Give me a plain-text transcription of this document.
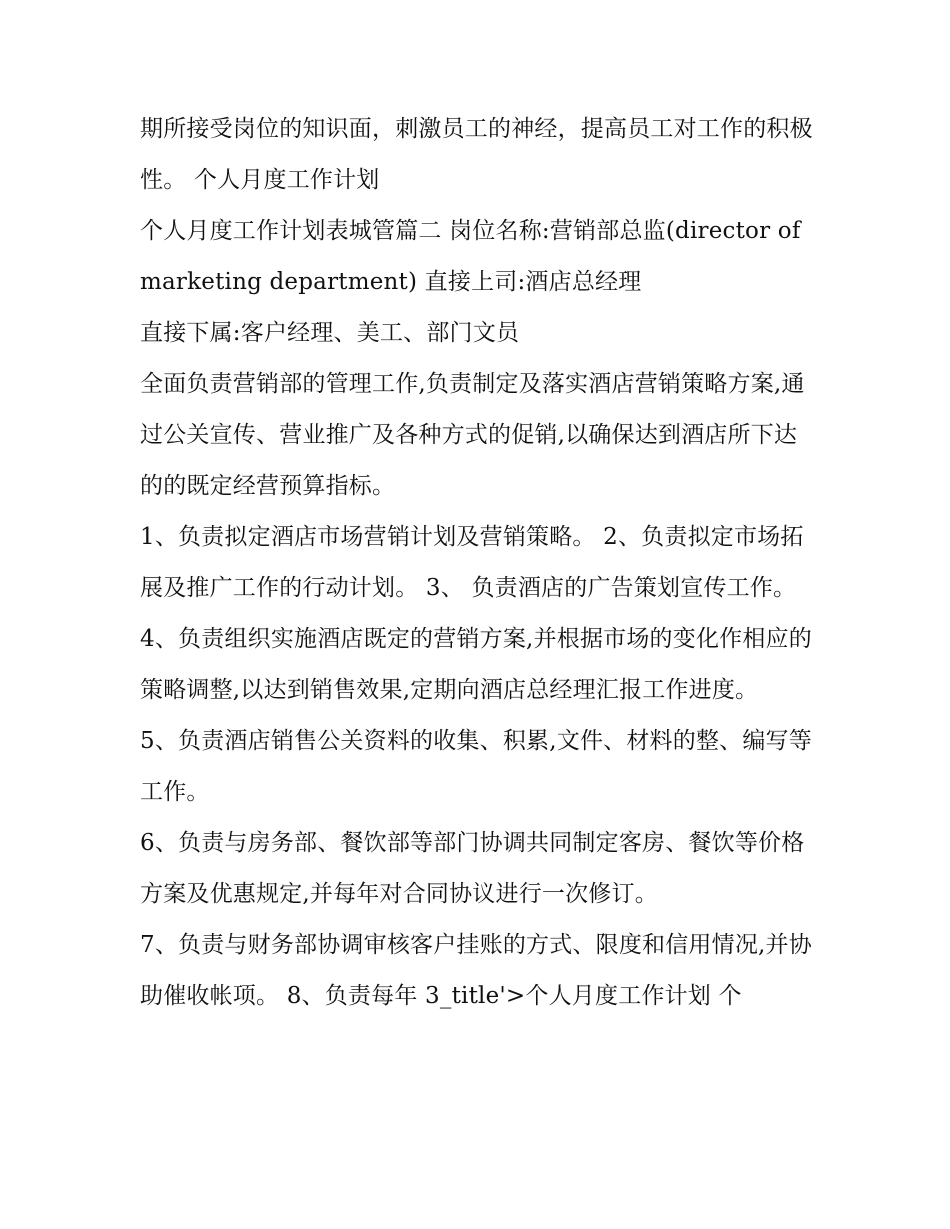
期所接受岗位的知识面，刺激员工的神经，提高员工对工作的积极性。 个人月度工作计划

个人月度工作计划表城管篇二 岗位名称:营销部总监(director of marketing department) 直接上司:酒店总经理

直接下属:客户经理、美工、部门文员

全面负责营销部的管理工作,负责制定及落实酒店营销策略方案,通过公关宣传、营业推广及各种方式的促销,以确保达到酒店所下达的的既定经营预算指标。

1、负责拟定酒店市场营销计划及营销策略。 2、负责拟定市场拓展及推广工作的行动计划。 3、 负责酒店的广告策划宣传工作。

4、负责组织实施酒店既定的营销方案,并根据市场的变化作相应的策略调整,以达到销售效果,定期向酒店总经理汇报工作进度。

5、负责酒店销售公关资料的收集、积累,文件、材料的整、编写等工作。

6、负责与房务部、餐饮部等部门协调共同制定客房、餐饮等价格方案及优惠规定,并每年对合同协议进行一次修订。

7、负责与财务部协调审核客户挂账的方式、限度和信用情况,并协助催收帐项。 8、负责每年 3_title'>个人月度工作计划 个
